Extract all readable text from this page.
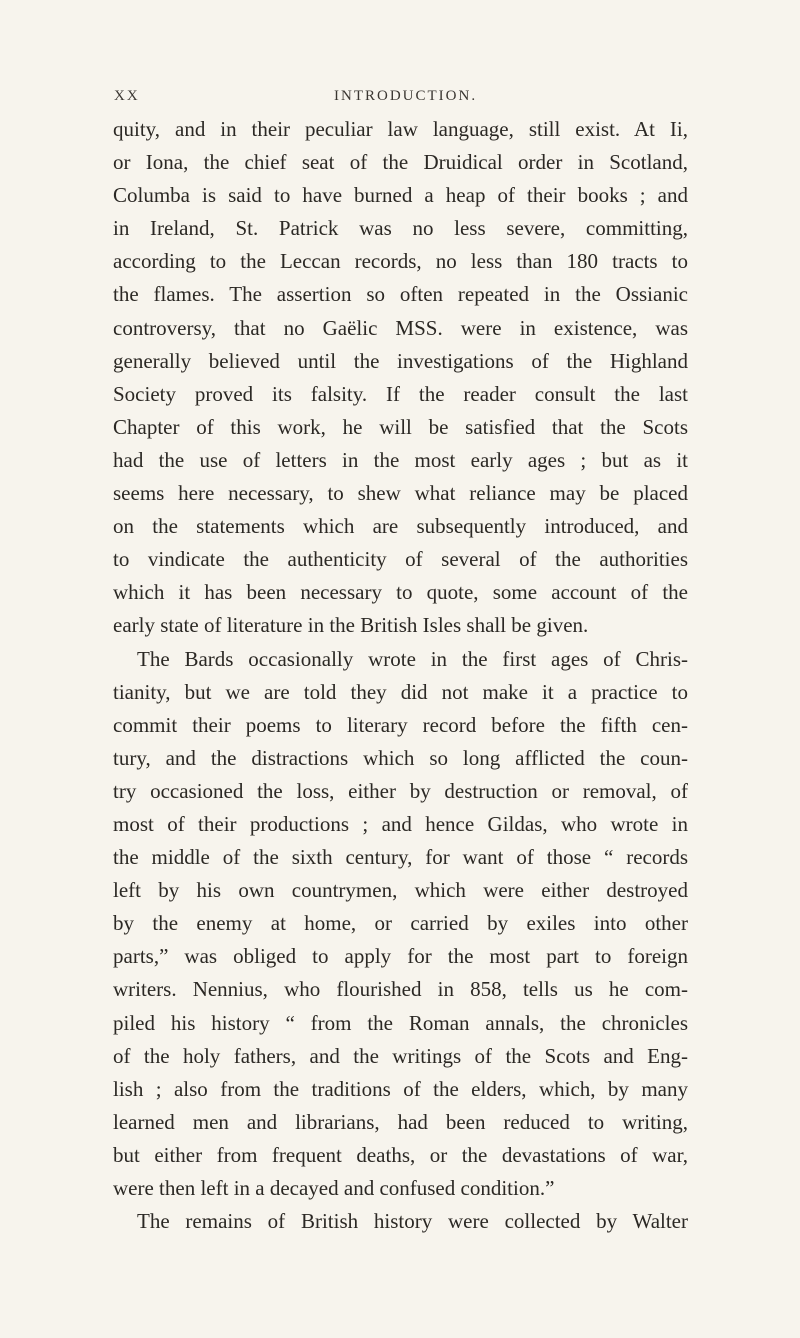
XX	INTRODUCTION.
quity, and in their peculiar law language, still exist. At Ii,
or Iona, the chief seat of the Druidical order in Scotland,
Columba is said to have burned a heap of their books ; and
in Ireland, St. Patrick was no less severe, committing,
according to the Leccan records, no less than 180 tracts to
the flames. The assertion so often repeated in the Ossianic
controversy, that no Gaëlic MSS. were in existence, was
generally believed until the investigations of the Highland
Society proved its falsity. If the reader consult the last
Chapter of this work, he will be satisfied that the Scots
had the use of letters in the most early ages ; but as it
seems here necessary, to shew what reliance may be placed
on the statements which are subsequently introduced, and
to vindicate the authenticity of several of the authorities
which it has been necessary to quote, some account of the
early state of literature in the British Isles shall be given.
The Bards occasionally wrote in the first ages of Chris-
tianity, but we are told they did not make it a practice to
commit their poems to literary record before the fifth cen-
tury, and the distractions which so long afflicted the coun-
try occasioned the loss, either by destruction or removal, of
most of their productions ; and hence Gildas, who wrote in
the middle of the sixth century, for want of those “ records
left by his own countrymen, which were either destroyed
by the enemy at home, or carried by exiles into other
parts,” was obliged to apply for the most part to foreign
writers. Nennius, who flourished in 858, tells us he com-
piled his history “ from the Roman annals, the chronicles
of the holy fathers, and the writings of the Scots and Eng-
lish ; also from the traditions of the elders, which, by many
learned men and librarians, had been reduced to writing,
but either from frequent deaths, or the devastations of war,
were then left in a decayed and confused condition.”
The remains of British history were collected by Walter
